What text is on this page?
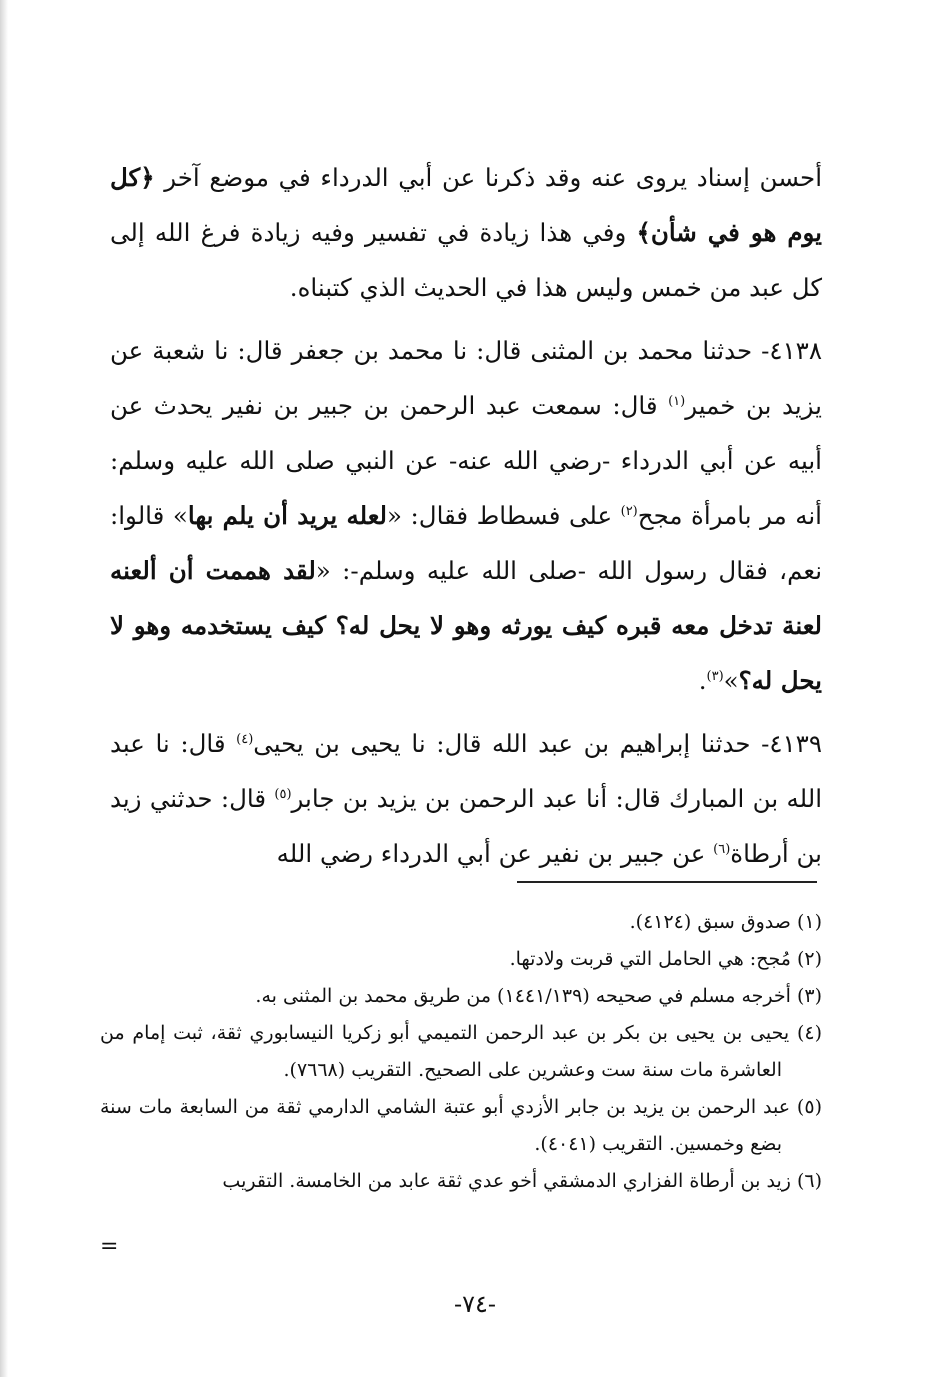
أحسن إسناد يروى عنه وقد ذكرنا عن أبي الدرداء في موضع آخر ﴿كل يوم هو في شأن﴾ وفي هذا زيادة في تفسير وفيه زيادة فرغ الله إلى كل عبد من خمس وليس هذا في الحديث الذي كتبناه.

٤١٣٨- حدثنا محمد بن المثنى قال: نا محمد بن جعفر قال: نا شعبة عن يزيد بن خمير$^{(١)}$ قال: سمعت عبد الرحمن بن جبير بن نفير يحدث عن أبيه عن أبي الدرداء -رضي الله عنه- عن النبي صلى الله عليه وسلم: أنه مر بامرأة مجح$^{(٢)}$ على فسطاط فقال: «لعله يريد أن يلم بها» قالوا: نعم، فقال رسول الله -صلى الله عليه وسلم-: «لقد هممت أن ألعنه لعنة تدخل معه قبره كيف يورثه وهو لا يحل له؟ كيف يستخدمه وهو لا يحل له؟»$^{(٣)}$.

٤١٣٩- حدثنا إبراهيم بن عبد الله قال: نا يحيى بن يحيى$^{(٤)}$ قال: نا عبد الله بن المبارك قال: أنا عبد الرحمن بن يزيد بن جابر$^{(٥)}$ قال: حدثني زيد بن أرطاة$^{(٦)}$ عن جبير بن نفير عن أبي الدرداء رضي الله

(١) صدوق سبق (٤١٢٤).

(٢) مُجح: هي الحامل التي قربت ولادتها.

(٣) أخرجه مسلم في صحيحه (١٤٤١/١٣٩) من طريق محمد بن المثنى به.

(٤) يحيى بن يحيى بن بكر بن عبد الرحمن التميمي أبو زكريا النيسابوري ثقة، ثبت إمام من العاشرة مات سنة ست وعشرين على الصحيح. التقريب (٧٦٦٨).

(٥) عبد الرحمن بن يزيد بن جابر الأزدي أبو عتبة الشامي الدارمي ثقة من السابعة مات سنة بضع وخمسين. التقريب (٤٠٤١).

(٦) زيد بن أرطاة الفزاري الدمشقي أخو عدي ثقة عابد من الخامسة. التقريب

=
-٧٤-
